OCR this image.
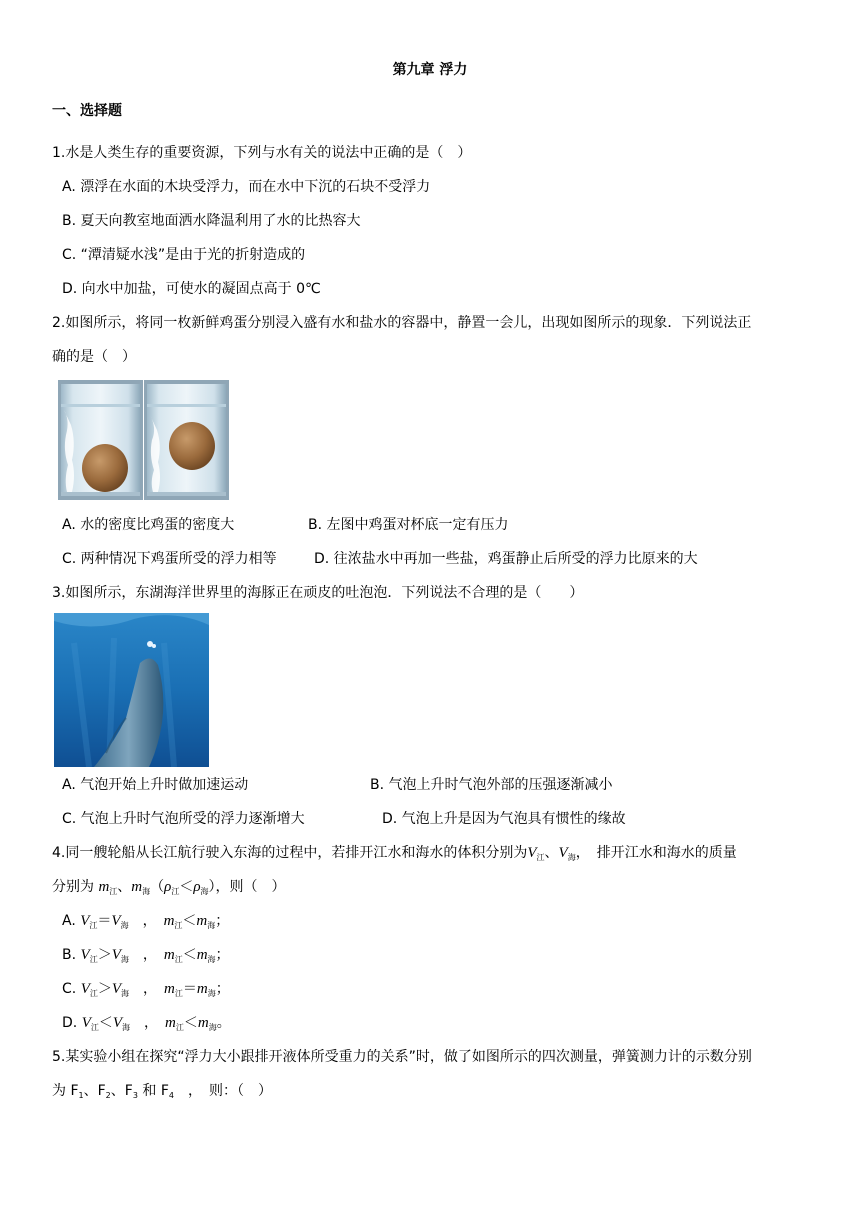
第九章 浮力
一、选择题
1.水是人类生存的重要资源，下列与水有关的说法中正确的是（　）
A. 漂浮在水面的木块受浮力，而在水中下沉的石块不受浮力
B. 夏天向教室地面洒水降温利用了水的比热容大
C. “潭清疑水浅”是由于光的折射造成的
D. 向水中加盐，可使水的凝固点高于 0℃
2.如图所示，将同一枚新鲜鸡蛋分别浸入盛有水和盐水的容器中，静置一会儿，出现如图所示的现象．下列说法正
确的是（　）
A. 水的密度比鸡蛋的密度大	B. 左图中鸡蛋对杯底一定有压力
C. 两种情况下鸡蛋所受的浮力相等	D. 往浓盐水中再加一些盐，鸡蛋静止后所受的浮力比原来的大
3.如图所示，东湖海洋世界里的海豚正在顽皮的吐泡泡．下列说法不合理的是（　　）
A. 气泡开始上升时做加速运动	B. 气泡上升时气泡外部的压强逐渐减小
C. 气泡上升时气泡所受的浮力逐渐增大	D. 气泡上升是因为气泡具有惯性的缘故
4.同一艘轮船从长江航行驶入东海的过程中，若排开江水和海水的体积分别为$V_江$、$V_海$，　排开江水和海水的质量
分别为 $m_江$、$m_海(\rho_江<\rho_海)$，则（　）
A. $V_江=V_海$　 ，　 $m_江<m_海$；
B. $V_江>V_海$　 ，　 $m_江<m_海$；
C. $V_江>V_海$　 ，　 $m_江=m_海$；
D. $V_江<V_海$　 ，　 $m_江<m_海$。
5.某实验小组在探究“浮力大小跟排开液体所受重力的关系”时，做了如图所示的四次测量，弹簧测力计的示数分别
为 $F_1$、$F_2$、$F_3$ 和 $F_4$　，　则：（　）
